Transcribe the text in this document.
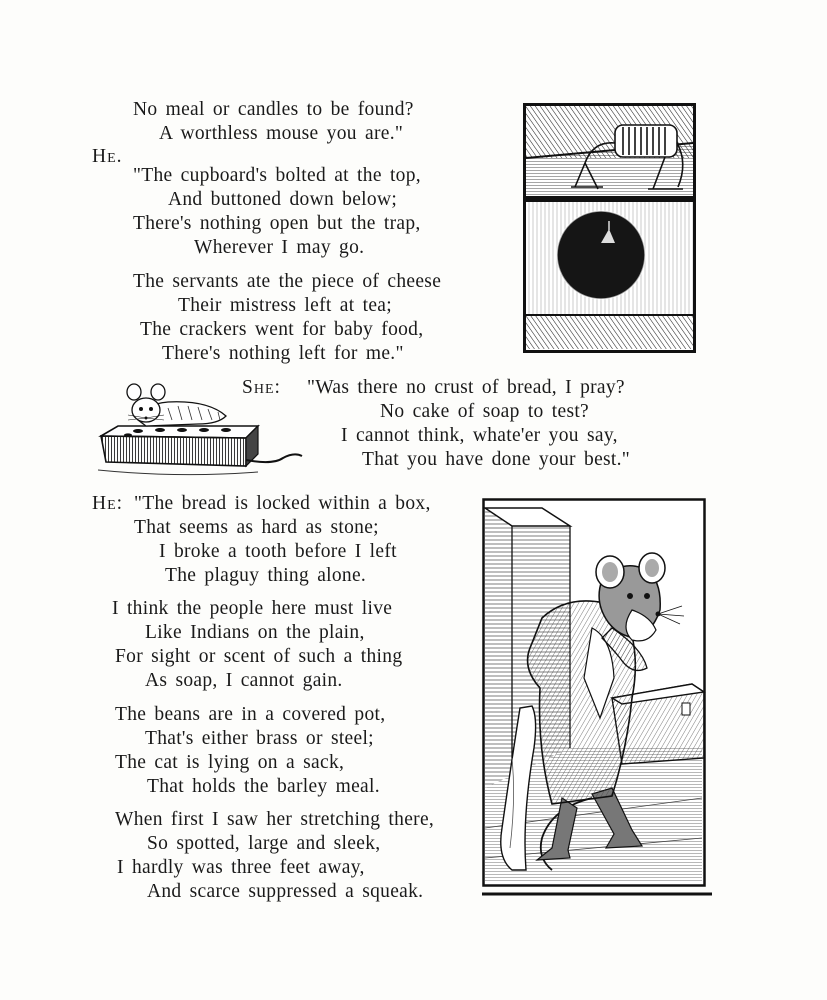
No meal or candles to be found?
A worthless mouse you are."
He.
"The cupboard's bolted at the top,
And buttoned down below;
There's nothing open but the trap,
Wherever I may go.
The servants ate the piece of cheese
Their mistress left at tea;
The crackers went for baby food,
There's nothing left for me."
She: "Was there no crust of bread, I pray?
No cake of soap to test?
I cannot think, whate'er you say,
That you have done your best."
He: "The bread is locked within a box,
That seems as hard as stone;
I broke a tooth before I left
The plaguy thing alone.
I think the people here must live
Like Indians on the plain,
For sight or scent of such a thing
As soap, I cannot gain.
The beans are in a covered pot,
That's either brass or steel;
The cat is lying on a sack,
That holds the barley meal.
When first I saw her stretching there,
So spotted, large and sleek,
I hardly was three feet away,
And scarce suppressed a squeak.
